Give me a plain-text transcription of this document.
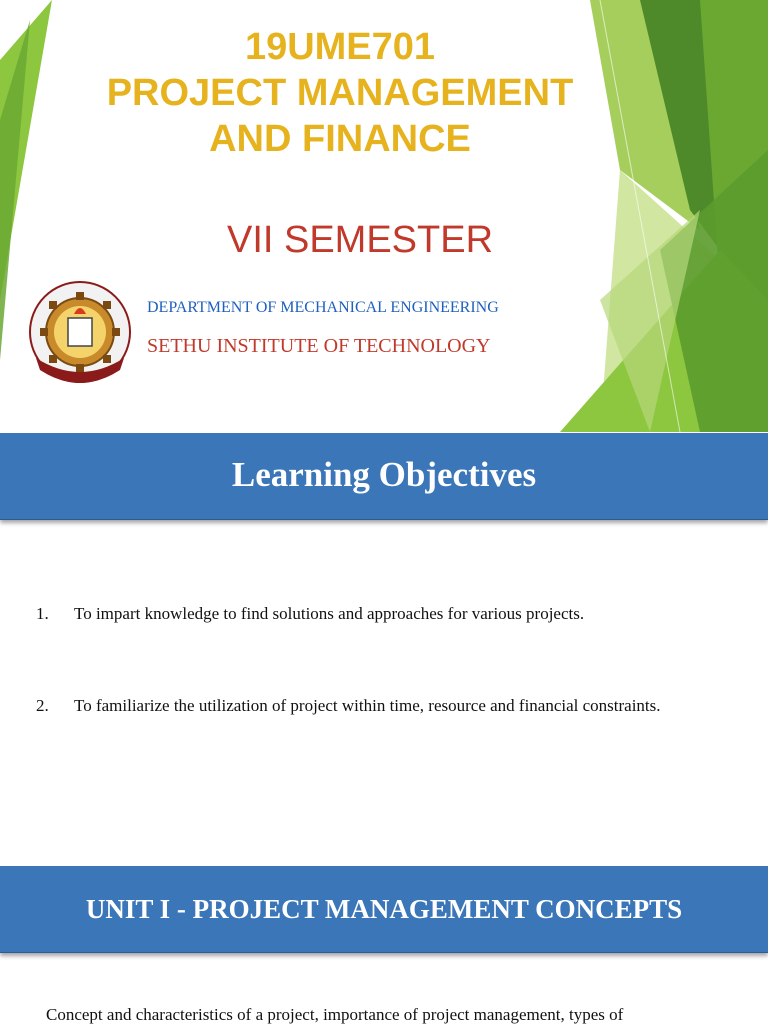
19UME701
PROJECT MANAGEMENT
AND FINANCE
VII SEMESTER
DEPARTMENT OF MECHANICAL ENGINEERING
SETHU INSTITUTE OF TECHNOLOGY
Learning Objectives
1. To impart knowledge to find solutions and approaches for various projects.
2. To familiarize the utilization of project within time, resource and financial constraints.
UNIT I - PROJECT MANAGEMENT CONCEPTS
Concept and characteristics of a project, importance of project management, types of
